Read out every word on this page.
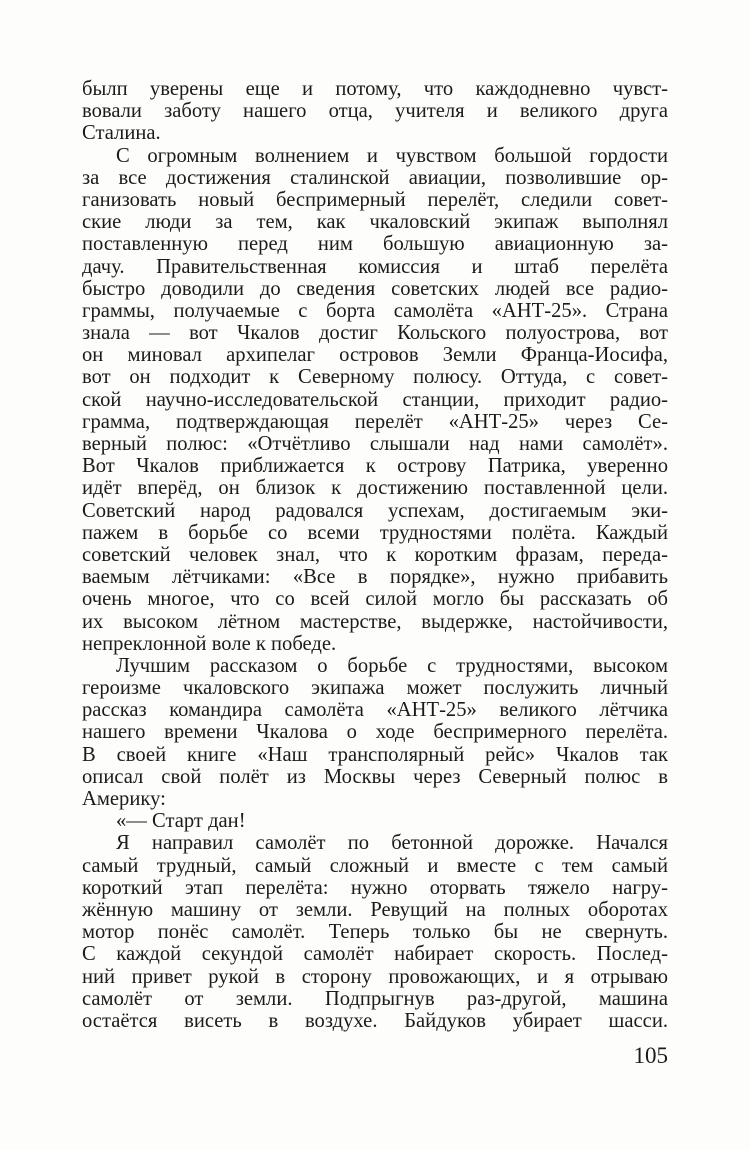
былп уверены еще и потому, что каждодневно чувст-
вовали заботу нашего отца, учителя и великого друга
Сталина.
С огромным волнением и чувством большой гордости
за все достижения сталинской авиации, позволившие ор-
ганизовать новый беспримерный перелёт, следили совет-
ские люди за тем, как чкаловский экипаж выполнял
поставленную перед ним большую авиационную за-
дачу. Правительственная комиссия и штаб перелёта
быстро доводили до сведения советских людей все радио-
граммы, получаемые с борта самолёта «АНТ-25». Страна
знала — вот Чкалов достиг Кольского полуострова, вот
он миновал архипелаг островов Земли Франца-Иосифа,
вот он подходит к Северному полюсу. Оттуда, с совет-
ской научно-исследовательской станции, приходит радио-
грамма, подтверждающая перелёт «АНТ-25» через Се-
верный полюс: «Отчётливо слышали над нами самолёт».
Вот Чкалов приближается к острову Патрика, уверенно
идёт вперёд, он близок к достижению поставленной цели.
Советский народ радовался успехам, достигаемым эки-
пажем в борьбе со всеми трудностями полёта. Каждый
советский человек знал, что к коротким фразам, переда-
ваемым лётчиками: «Все в порядке», нужно прибавить
очень многое, что со всей силой могло бы рассказать об
их высоком лётном мастерстве, выдержке, настойчивости,
непреклонной воле к победе.
Лучшим рассказом о борьбе с трудностями, высоком
героизме чкаловского экипажа может послужить личный
рассказ командира самолёта «АНТ-25» великого лётчика
нашего времени Чкалова о ходе беспримерного перелёта.
В своей книге «Наш трансполярный рейс» Чкалов так
описал свой полёт из Москвы через Северный полюс в
Америку:
«— Старт дан!
Я направил самолёт по бетонной дорожке. Начался
самый трудный, самый сложный и вместе с тем самый
короткий этап перелёта: нужно оторвать тяжело нагру-
жённую машину от земли. Ревущий на полных оборотах
мотор понёс самолёт. Теперь только бы не свернуть.
С каждой секундой самолёт набирает скорость. Послед-
ний привет рукой в сторону провожающих, и я отрываю
самолёт от земли. Подпрыгнув раз-другой, машина
остаётся висеть в воздухе. Байдуков убирает шасси.
105
